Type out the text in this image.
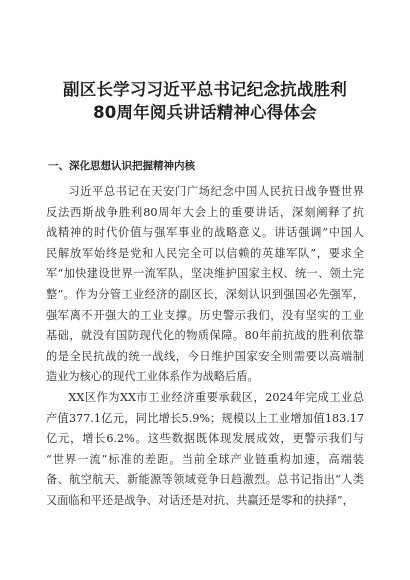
副区长学习习近平总书记纪念抗战胜利
80周年阅兵讲话精神心得体会
一、深化思想认识把握精神内核

习近平总书记在天安门广场纪念中国人民抗日战争暨世界
反法西斯战争胜利80周年大会上的重要讲话，深刻阐释了抗
战精神的时代价值与强军事业的战略意义。讲话强调“中国人
民解放军始终是党和人民完全可以信赖的英雄军队”，要求全
军“加快建设世界一流军队，坚决维护国家主权、统一、领土完
整”。作为分管工业经济的副区长，深刻认识到强国必先强军，
强军离不开强大的工业支撑。历史警示我们，没有坚实的工业
基础，就没有国防现代化的物质保障。80年前抗战的胜利依靠
的是全民抗战的统一战线，今日维护国家安全则需要以高端制
造业为核心的现代工业体系作为战略后盾。

XX区作为XX市工业经济重要承载区，2024年完成工业总
产值377.1亿元，同比增长5.9%；规模以上工业增加值183.17
亿元，增长6.2%。这些数据既体现发展成效，更警示我们与
“世界一流”标准的差距。当前全球产业链重构加速，高端装
备、航空航天、新能源等领域竞争日趋激烈。总书记指出“人类
又面临和平还是战争、对话还是对抗、共赢还是零和的抉择”，
